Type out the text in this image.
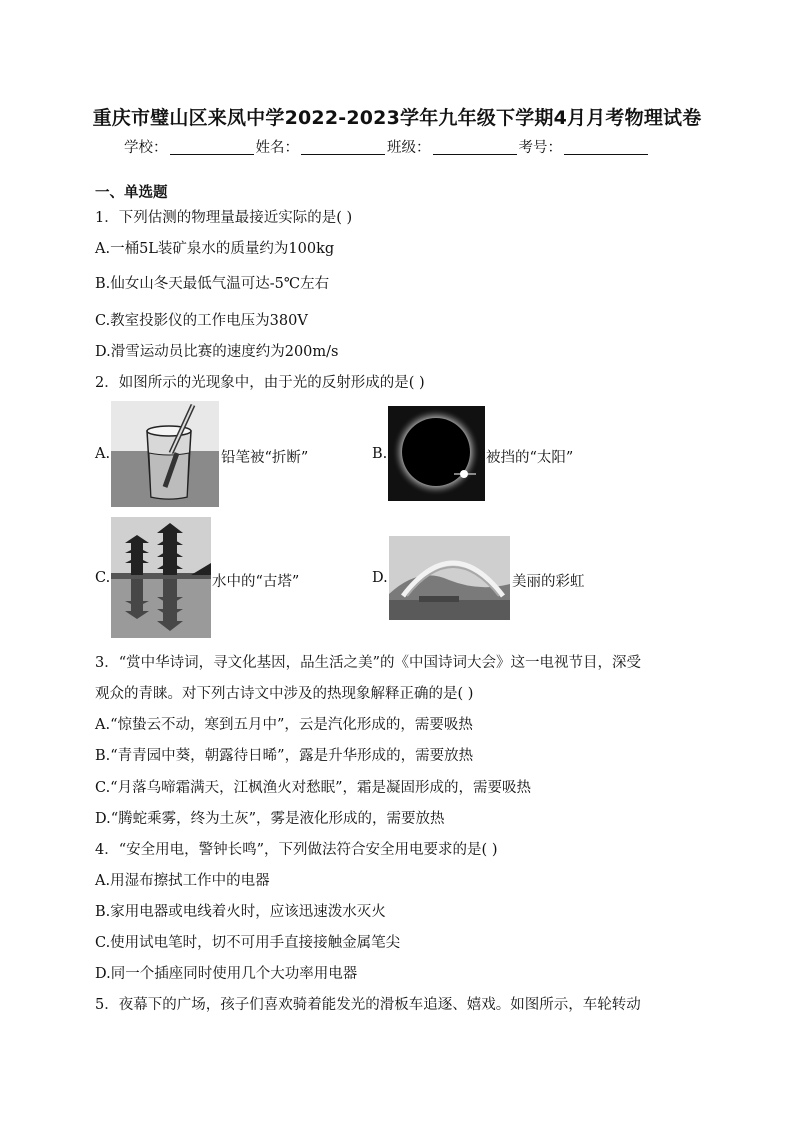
重庆市璧山区来凤中学2022-2023学年九年级下学期4月月考物理试卷
学校：	姓名：	班级：	考号：
一、单选题
1．下列估测的物理量最接近实际的是( )
A.一桶5L装矿泉水的质量约为100kg
B.仙女山冬天最低气温可达-5℃左右
C.教室投影仪的工作电压为380V
D.滑雪运动员比赛的速度约为200m/s
2．如图所示的光现象中，由于光的反射形成的是( )
A.	铅笔被“折断”	B.	被挡的“太阳”
C.	水中的“古塔”	D.	美丽的彩虹
3．“赏中华诗词，寻文化基因，品生活之美”的《中国诗词大会》这一电视节目，深受
观众的青睐。对下列古诗文中涉及的热现象解释正确的是( )
A.“惊蛰云不动，寒到五月中”，云是汽化形成的，需要吸热
B.“青青园中葵，朝露待日晞”，露是升华形成的，需要放热
C.“月落乌啼霜满天，江枫渔火对愁眠”，霜是凝固形成的，需要吸热
D.“腾蛇乘雾，终为土灰”，雾是液化形成的，需要放热
4．“安全用电，警钟长鸣”，下列做法符合安全用电要求的是( )
A.用湿布擦拭工作中的电器
B.家用电器或电线着火时，应该迅速泼水灭火
C.使用试电笔时，切不可用手直接接触金属笔尖
D.同一个插座同时使用几个大功率用电器
5．夜幕下的广场，孩子们喜欢骑着能发光的滑板车追逐、嬉戏。如图所示，车轮转动
